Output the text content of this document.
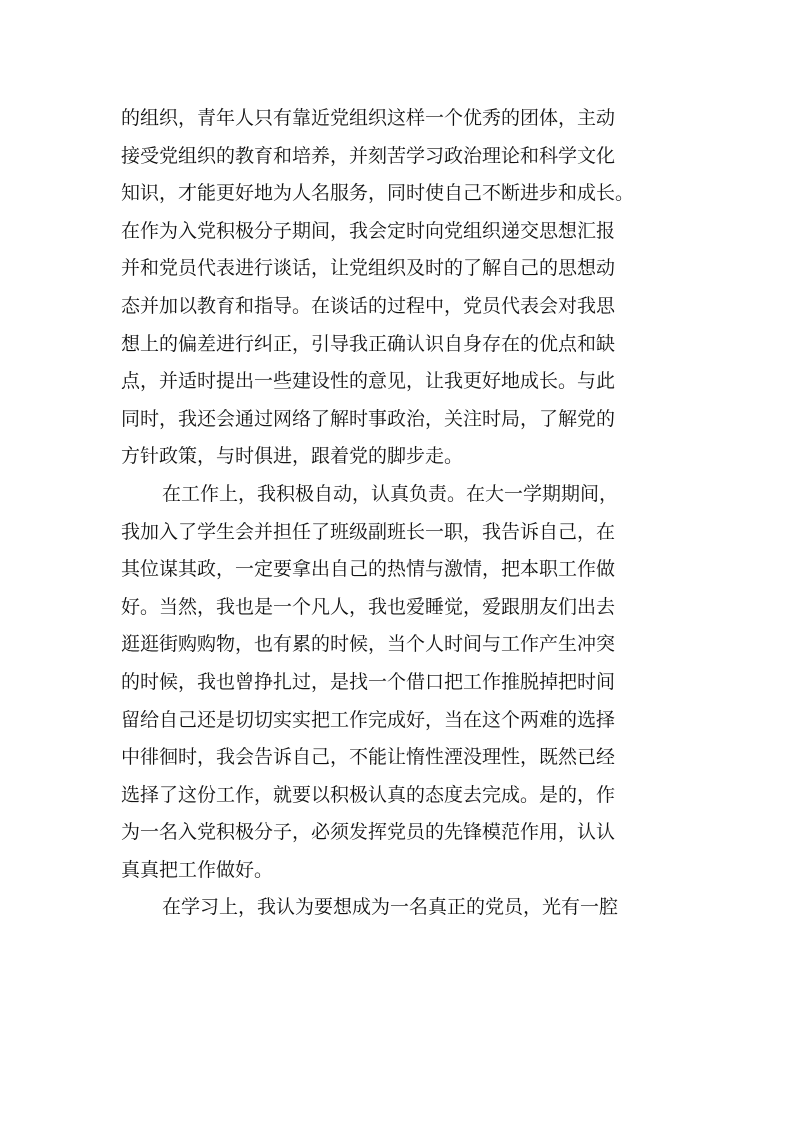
的组织，青年人只有靠近党组织这样一个优秀的团体，主动
接受党组织的教育和培养，并刻苦学习政治理论和科学文化
知识，才能更好地为人名服务，同时使自己不断进步和成长。
在作为入党积极分子期间，我会定时向党组织递交思想汇报
并和党员代表进行谈话，让党组织及时的了解自己的思想动
态并加以教育和指导。在谈话的过程中，党员代表会对我思
想上的偏差进行纠正，引导我正确认识自身存在的优点和缺
点，并适时提出一些建设性的意见，让我更好地成长。与此
同时，我还会通过网络了解时事政治，关注时局，了解党的
方针政策，与时俱进，跟着党的脚步走。
在工作上，我积极自动，认真负责。在大一学期期间，
我加入了学生会并担任了班级副班长一职，我告诉自己，在
其位谋其政，一定要拿出自己的热情与激情，把本职工作做
好。当然，我也是一个凡人，我也爱睡觉，爱跟朋友们出去
逛逛街购购物，也有累的时候，当个人时间与工作产生冲突
的时候，我也曾挣扎过，是找一个借口把工作推脱掉把时间
留给自己还是切切实实把工作完成好，当在这个两难的选择
中徘徊时，我会告诉自己，不能让惰性湮没理性，既然已经
选择了这份工作，就要以积极认真的态度去完成。是的，作
为一名入党积极分子，必须发挥党员的先锋模范作用，认认
真真把工作做好。
在学习上，我认为要想成为一名真正的党员，光有一腔
